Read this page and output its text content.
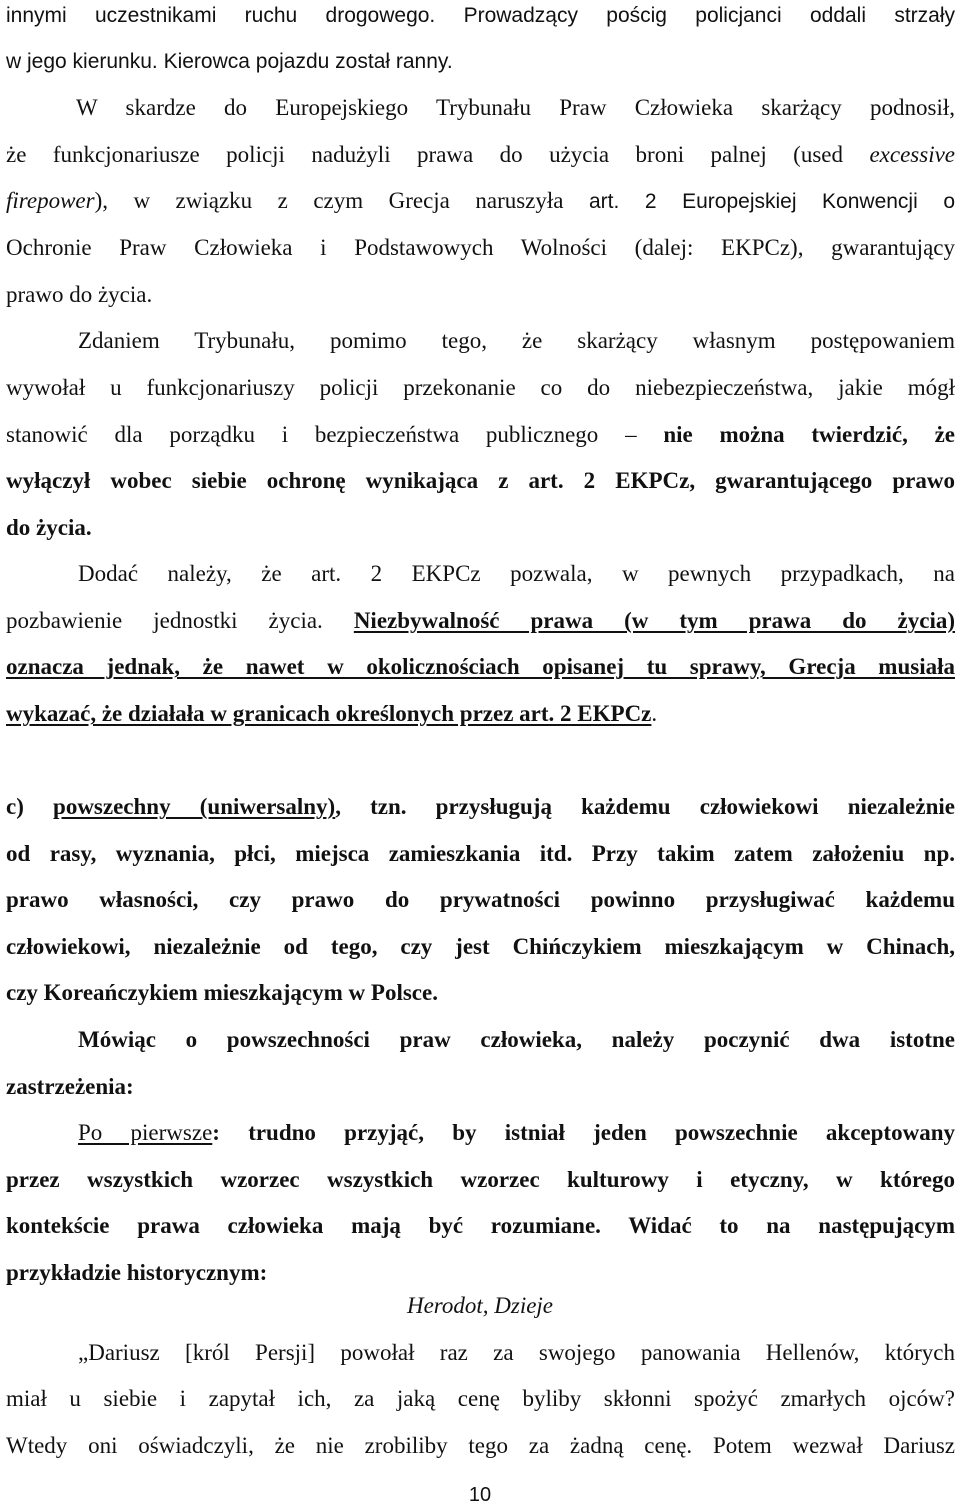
innymi uczestnikami ruchu drogowego. Prowadzący pościg policjanci oddali strzały
w jego kierunku. Kierowca pojazdu został ranny.
W skardze do Europejskiego Trybunału Praw Człowieka skarżący podnosił,
że funkcjonariusze policji nadużyli prawa do użycia broni palnej (used excessive
firepower), w związku z czym Grecja naruszyła art. 2 Europejskiej Konwencji o
Ochronie Praw Człowieka i Podstawowych Wolności (dalej: EKPCz), gwarantujący
prawo do życia.
Zdaniem Trybunału, pomimo tego, że skarżący własnym postępowaniem
wywołał u funkcjonariuszy policji przekonanie co do niebezpieczeństwa, jakie mógł
stanowić dla porządku i bezpieczeństwa publicznego – nie można twierdzić, że
wyłączył wobec siebie ochronę wynikająca z art. 2 EKPCz, gwarantującego prawo
do życia.
Dodać należy, że art. 2 EKPCz pozwala, w pewnych przypadkach, na
pozbawienie jednostki życia. Niezbywalność prawa (w tym prawa do życia)
oznacza jednak, że nawet w okolicznościach opisanej tu sprawy, Grecja musiała
wykazać, że działała w granicach określonych przez art. 2 EKPCz.
c) powszechny (uniwersalny), tzn. przysługują każdemu człowiekowi niezależnie
od rasy, wyznania, płci, miejsca zamieszkania itd. Przy takim zatem założeniu np.
prawo własności, czy prawo do prywatności powinno przysługiwać każdemu
człowiekowi, niezależnie od tego, czy jest Chińczykiem mieszkającym w Chinach,
czy Koreańczykiem mieszkającym w Polsce.
Mówiąc o powszechności praw człowieka, należy poczynić dwa istotne
zastrzeżenia:
Po pierwsze: trudno przyjąć, by istniał jeden powszechnie akceptowany
przez wszystkich wzorzec wszystkich wzorzec kulturowy i etyczny, w którego
kontekście prawa człowieka mają być rozumiane. Widać to na następującym
przykładzie historycznym:
Herodot, Dzieje
„Dariusz [król Persji] powołał raz za swojego panowania Hellenów, których
miał u siebie i zapytał ich, za jaką cenę byliby skłonni spożyć zmarłych ojców?
Wtedy oni oświadczyli, że nie zrobiliby tego za żadną cenę. Potem wezwał Dariusz
10
